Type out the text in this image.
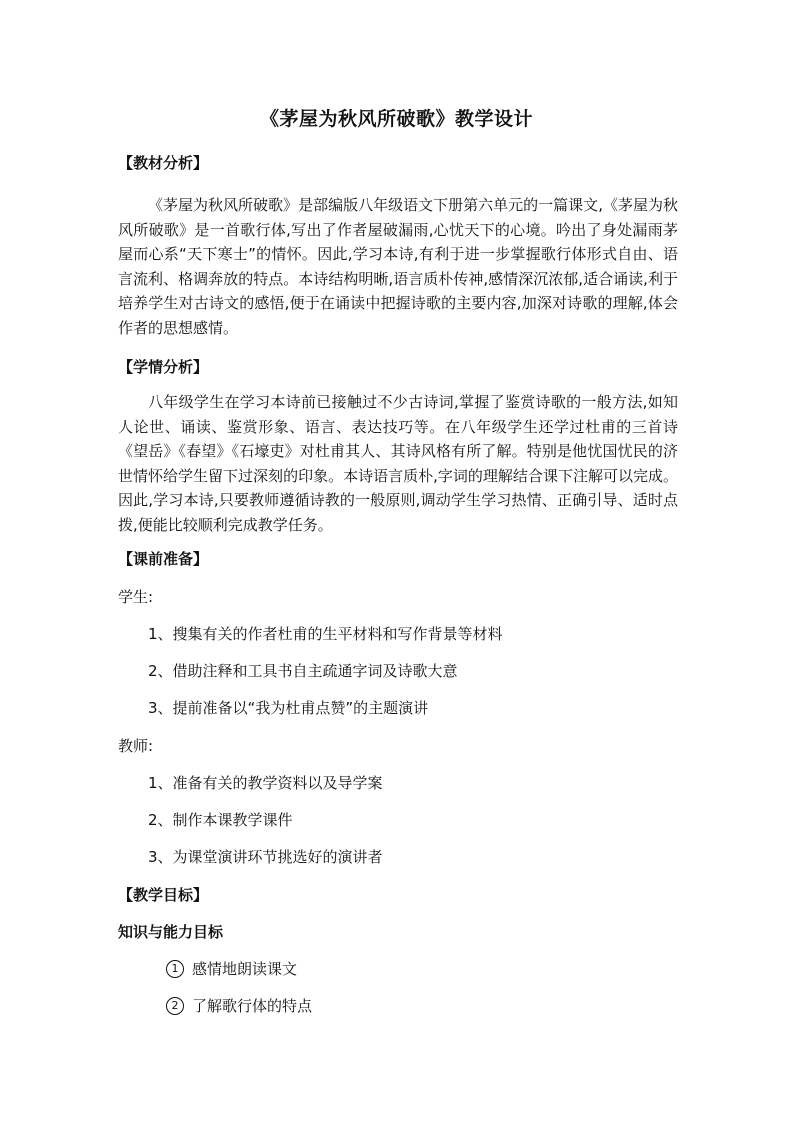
《茅屋为秋风所破歌》教学设计
【教材分析】
《茅屋为秋风所破歌》是部编版八年级语文下册第六单元的一篇课文,《茅屋为秋风所破歌》是一首歌行体,写出了作者屋破漏雨,心忧天下的心境。吟出了身处漏雨茅屋而心系“天下寒士”的情怀。因此,学习本诗,有利于进一步掌握歌行体形式自由、语言流利、格调奔放的特点。本诗结构明晰,语言质朴传神,感情深沉浓郁,适合诵读,利于培养学生对古诗文的感悟,便于在诵读中把握诗歌的主要内容,加深对诗歌的理解,体会作者的思想感情。
【学情分析】
八年级学生在学习本诗前已接触过不少古诗词,掌握了鉴赏诗歌的一般方法,如知人论世、诵读、鉴赏形象、语言、表达技巧等。在八年级学生还学过杜甫的三首诗《望岳》《春望》《石壕吏》对杜甫其人、其诗风格有所了解。特别是他忧国忧民的济世情怀给学生留下过深刻的印象。本诗语言质朴,字词的理解结合课下注解可以完成。因此,学习本诗,只要教师遵循诗教的一般原则,调动学生学习热情、正确引导、适时点拨,便能比较顺利完成教学任务。
【课前准备】
学生:
1、搜集有关的作者杜甫的生平材料和写作背景等材料
2、借助注释和工具书自主疏通字词及诗歌大意
3、提前准备以“我为杜甫点赞”的主题演讲
教师:
1、准备有关的教学资料以及导学案
2、制作本课教学课件
3、为课堂演讲环节挑选好的演讲者
【教学目标】
知识与能力目标
1 感情地朗读课文
2 了解歌行体的特点
